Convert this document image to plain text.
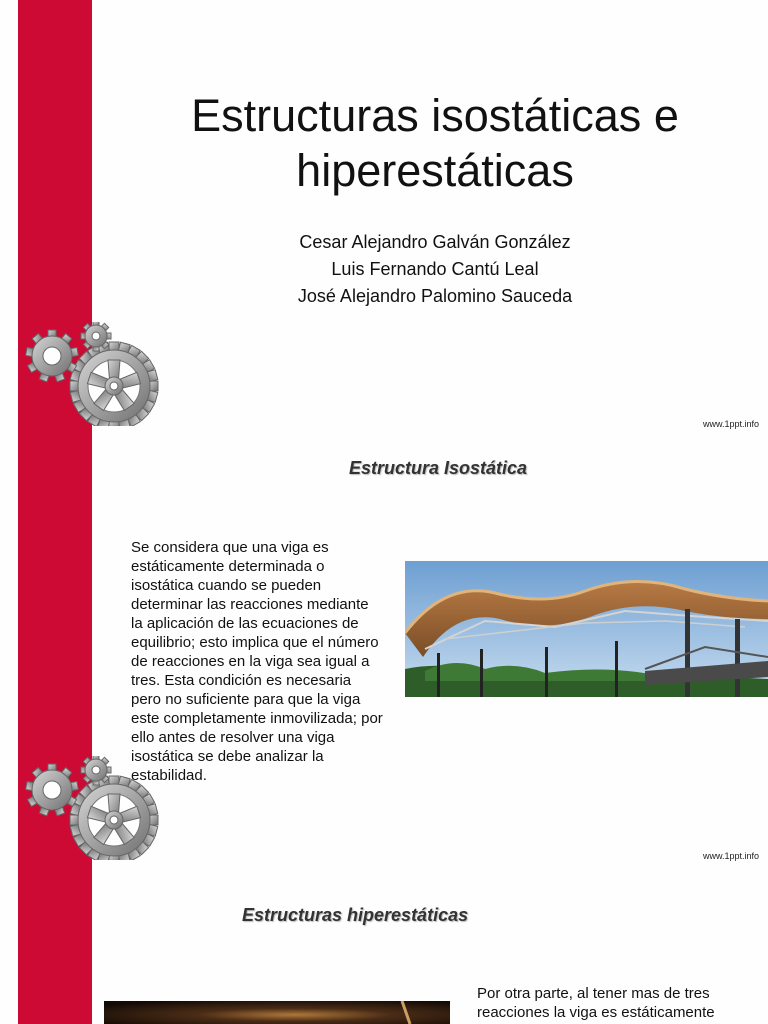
Estructuras isostáticas e
hiperestáticas
Cesar Alejandro Galván González
Luis Fernando Cantú Leal
José Alejandro Palomino Sauceda
www.1ppt.info
Estructura Isostática
Se considera que una viga es
estáticamente determinada o
isostática cuando se pueden
determinar las reacciones mediante
la aplicación de las ecuaciones de
equilibrio; esto implica que el número
de reacciones en la viga sea igual a
tres. Esta condición es necesaria
pero no suficiente para que la viga
este completamente inmovilizada; por
ello antes de resolver una viga
isostática se debe analizar la
estabilidad.
www.1ppt.info
Estructuras hiperestáticas
Por otra parte, al tener mas de tres
reacciones la viga es estáticamente
